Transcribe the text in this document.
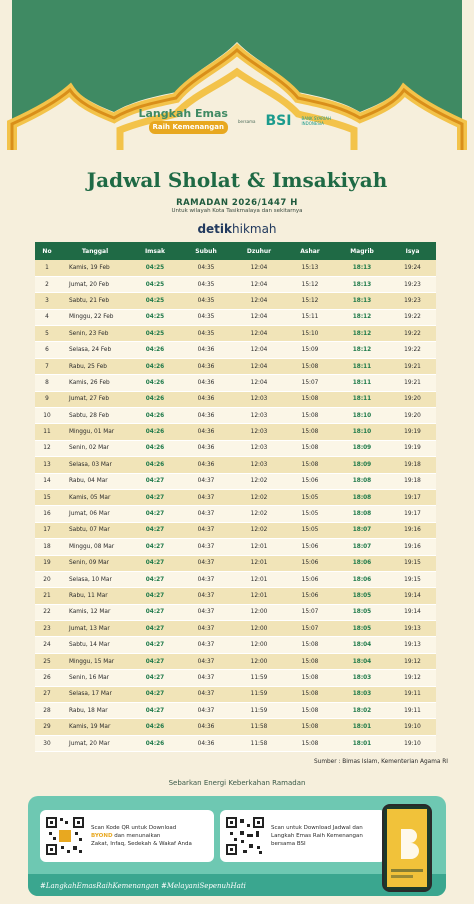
Langkah Emas
Raih Kemenangan
bersama BSI	BANK SYARIAH INDONESIA
Jadwal Sholat & Imsakiyah
RAMADAN 2026/1447 H
Untuk wilayah Kota Tasikmalaya dan sekitarnya
detikhikmah
No	Tanggal	Imsak	Subuh	Dzuhur	Ashar	Magrib	Isya
1	Kamis, 19 Feb	04:25	04:35	12:04	15:13	18:13	19:24
2	Jumat, 20 Feb	04:25	04:35	12:04	15:12	18:13	19:23
3	Sabtu, 21 Feb	04:25	04:35	12:04	15:12	18:13	19:23
4	Minggu, 22 Feb	04:25	04:35	12:04	15:11	18:12	19:22
5	Senin, 23 Feb	04:25	04:35	12:04	15:10	18:12	19:22
6	Selasa, 24 Feb	04:26	04:36	12:04	15:09	18:12	19:22
7	Rabu, 25 Feb	04:26	04:36	12:04	15:08	18:11	19:21
8	Kamis, 26 Feb	04:26	04:36	12:04	15:07	18:11	19:21
9	Jumat, 27 Feb	04:26	04:36	12:03	15:08	18:11	19:20
10	Sabtu, 28 Feb	04:26	04:36	12:03	15:08	18:10	19:20
11	Minggu, 01 Mar	04:26	04:36	12:03	15:08	18:10	19:19
12	Senin, 02 Mar	04:26	04:36	12:03	15:08	18:09	19:19
13	Selasa, 03 Mar	04:26	04:36	12:03	15:08	18:09	19:18
14	Rabu, 04 Mar	04:27	04:37	12:02	15:06	18:08	19:18
15	Kamis, 05 Mar	04:27	04:37	12:02	15:05	18:08	19:17
16	Jumat, 06 Mar	04:27	04:37	12:02	15:05	18:08	19:17
17	Sabtu, 07 Mar	04:27	04:37	12:02	15:05	18:07	19:16
18	Minggu, 08 Mar	04:27	04:37	12:01	15:06	18:07	19:16
19	Senin, 09 Mar	04:27	04:37	12:01	15:06	18:06	19:15
20	Selasa, 10 Mar	04:27	04:37	12:01	15:06	18:06	19:15
21	Rabu, 11 Mar	04:27	04:37	12:01	15:06	18:05	19:14
22	Kamis, 12 Mar	04:27	04:37	12:00	15:07	18:05	19:14
23	Jumat, 13 Mar	04:27	04:37	12:00	15:07	18:05	19:13
24	Sabtu, 14 Mar	04:27	04:37	12:00	15:08	18:04	19:13
25	Minggu, 15 Mar	04:27	04:37	12:00	15:08	18:04	19:12
26	Senin, 16 Mar	04:27	04:37	11:59	15:08	18:03	19:12
27	Selasa, 17 Mar	04:27	04:37	11:59	15:08	18:03	19:11
28	Rabu, 18 Mar	04:27	04:37	11:59	15:08	18:02	19:11
29	Kamis, 19 Mar	04:26	04:36	11:58	15:08	18:01	19:10
30	Jumat, 20 Mar	04:26	04:36	11:58	15:08	18:01	19:10
Sumber : Bimas Islam, Kementerian Agama RI
Sebarkan Energi Keberkahan Ramadan
Scan Kode QR untuk Download
BYOND dan menunaikan
Zakat, Infaq, Sedekah & Wakaf Anda
Scan untuk Download Jadwal dan Langkah Emas Raih Kemenangan bersama BSI
#LangkahEmasRaihKemenangan #MelayaniSepenuhHati
